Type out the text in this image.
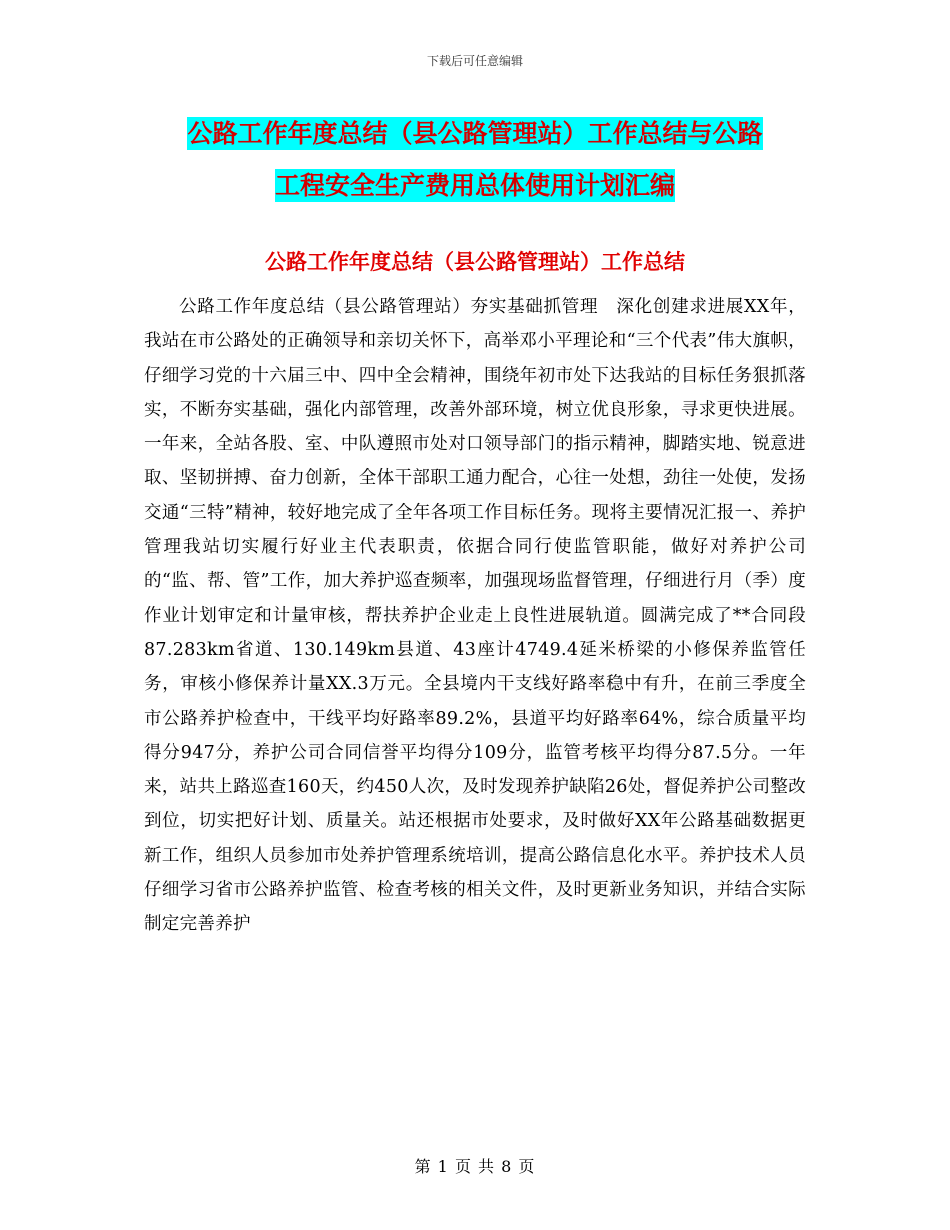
下载后可任意编辑
公路工作年度总结（县公路管理站）工作总结与公路
工程安全生产费用总体使用计划汇编
公路工作年度总结（县公路管理站）工作总结

公路工作年度总结（县公路管理站）夯实基础抓管理　深化创建求进展XX年，我站在市公路处的正确领导和亲切关怀下，高举邓小平理论和“三个代表”伟大旗帜，仔细学习党的十六届三中、四中全会精神，围绕年初市处下达我站的目标任务狠抓落实，不断夯实基础，强化内部管理，改善外部环境，树立优良形象，寻求更快进展。一年来，全站各股、室、中队遵照市处对口领导部门的指示精神，脚踏实地、锐意进取、坚韧拼搏、奋力创新，全体干部职工通力配合，心往一处想，劲往一处使，发扬交通“三特”精神，较好地完成了全年各项工作目标任务。现将主要情况汇报一、养护管理我站切实履行好业主代表职责，依据合同行使监管职能，做好对养护公司的“监、帮、管”工作，加大养护巡查频率，加强现场监督管理，仔细进行月（季）度作业计划审定和计量审核，帮扶养护企业走上良性进展轨道。圆满完成了**合同段87.283km省道、130.149km县道、43座计4749.4延米桥梁的小修保养监管任务，审核小修保养计量XX.3万元。全县境内干支线好路率稳中有升，在前三季度全市公路养护检查中，干线平均好路率89.2%，县道平均好路率64%，综合质量平均得分947分，养护公司合同信誉平均得分109分，监管考核平均得分87.5分。一年来，站共上路巡查160天，约450人次，及时发现养护缺陷26处，督促养护公司整改到位，切实把好计划、质量关。站还根据市处要求，及时做好XX年公路基础数据更新工作，组织人员参加市处养护管理系统培训，提高公路信息化水平。养护技术人员仔细学习省市公路养护监管、检查考核的相关文件，及时更新业务知识，并结合实际制定完善养护

第 1 页 共 8 页
